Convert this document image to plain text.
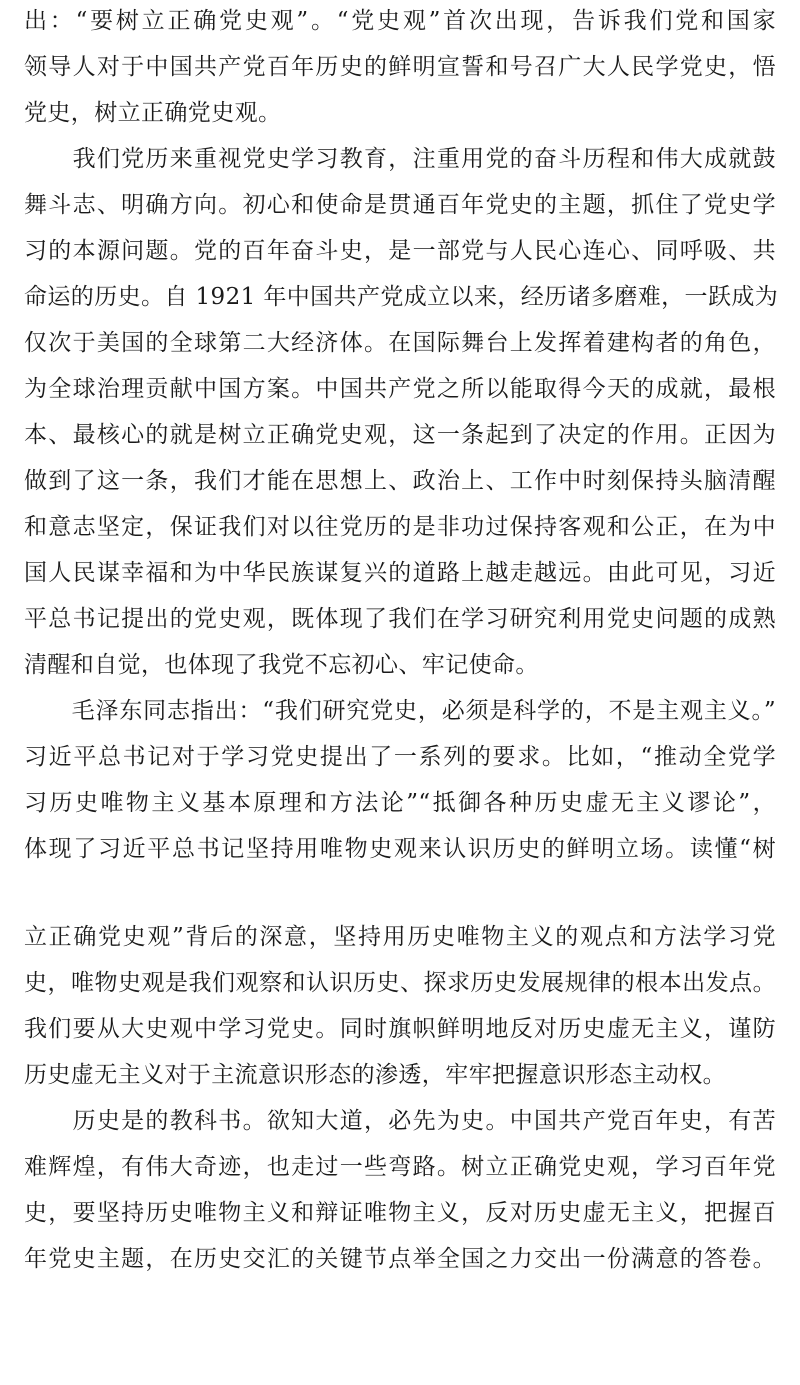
出：“要树立正确党史观”。“党史观”首次出现，告诉我们党和国家
领导人对于中国共产党百年历史的鲜明宣誓和号召广大人民学党史，悟
党史，树立正确党史观。
　　我们党历来重视党史学习教育，注重用党的奋斗历程和伟大成就鼓
舞斗志、明确方向。初心和使命是贯通百年党史的主题，抓住了党史学
习的本源问题。党的百年奋斗史，是一部党与人民心连心、同呼吸、共
命运的历史。自 1921 年中国共产党成立以来，经历诸多磨难，一跃成为
仅次于美国的全球第二大经济体。在国际舞台上发挥着建构者的角色，
为全球治理贡献中国方案。中国共产党之所以能取得今天的成就，最根
本、最核心的就是树立正确党史观，这一条起到了决定的作用。正因为
做到了这一条，我们才能在思想上、政治上、工作中时刻保持头脑清醒
和意志坚定，保证我们对以往党历的是非功过保持客观和公正，在为中
国人民谋幸福和为中华民族谋复兴的道路上越走越远。由此可见，习近
平总书记提出的党史观，既体现了我们在学习研究利用党史问题的成熟
清醒和自觉，也体现了我党不忘初心、牢记使命。
　　毛泽东同志指出：“我们研究党史，必须是科学的，不是主观主义。”
习近平总书记对于学习党史提出了一系列的要求。比如，“推动全党学
习历史唯物主义基本原理和方法论”“抵御各种历史虚无主义谬论”，
体现了习近平总书记坚持用唯物史观来认识历史的鲜明立场。读懂“树
立正确党史观”背后的深意，坚持用历史唯物主义的观点和方法学习党
史，唯物史观是我们观察和认识历史、探求历史发展规律的根本出发点。
我们要从大史观中学习党史。同时旗帜鲜明地反对历史虚无主义，谨防
历史虚无主义对于主流意识形态的渗透，牢牢把握意识形态主动权。
　　历史是的教科书。欲知大道，必先为史。中国共产党百年史，有苦
难辉煌，有伟大奇迹，也走过一些弯路。树立正确党史观，学习百年党
史，要坚持历史唯物主义和辩证唯物主义，反对历史虚无主义，把握百
年党史主题，在历史交汇的关键节点举全国之力交出一份满意的答卷。
